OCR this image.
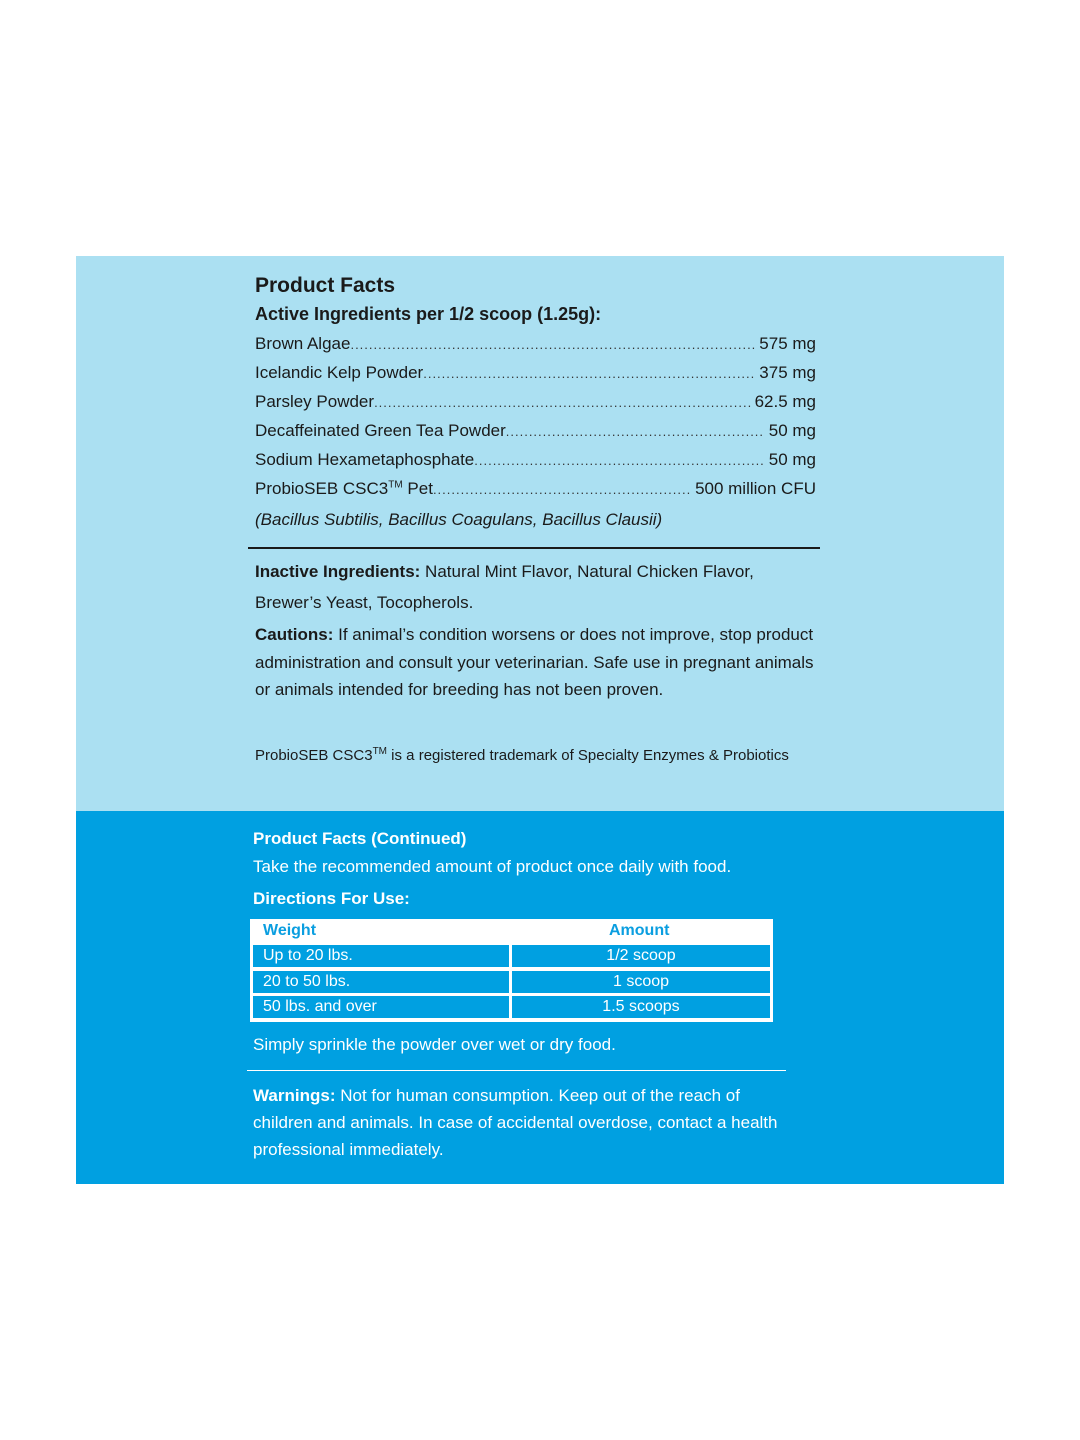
Product Facts
Active Ingredients per 1/2 scoop (1.25g):
Brown Algae .....	575 mg
Icelandic Kelp Powder .....	375 mg
Parsley Powder .....	62.5 mg
Decaffeinated Green Tea Powder .....	50 mg
Sodium Hexametaphosphate .....	50 mg
ProbioSEB CSC3™ Pet .....	500 million CFU
(Bacillus Subtilis, Bacillus Coagulans, Bacillus Clausii)
Inactive Ingredients: Natural Mint Flavor, Natural Chicken Flavor, Brewer’s Yeast, Tocopherols.
Cautions: If animal’s condition worsens or does not improve, stop product administration and consult your veterinarian. Safe use in pregnant animals or animals intended for breeding has not been proven.
ProbioSEB CSC3™ is a registered trademark of Specialty Enzymes & Probiotics
Product Facts (Continued)
Take the recommended amount of product once daily with food.
Directions For Use:
Weight	Amount
Up to 20 lbs.	1/2 scoop
20 to 50 lbs.	1 scoop
50 lbs. and over	1.5 scoops
Simply sprinkle the powder over wet or dry food.
Warnings: Not for human consumption. Keep out of the reach of children and animals. In case of accidental overdose, contact a health professional immediately.
